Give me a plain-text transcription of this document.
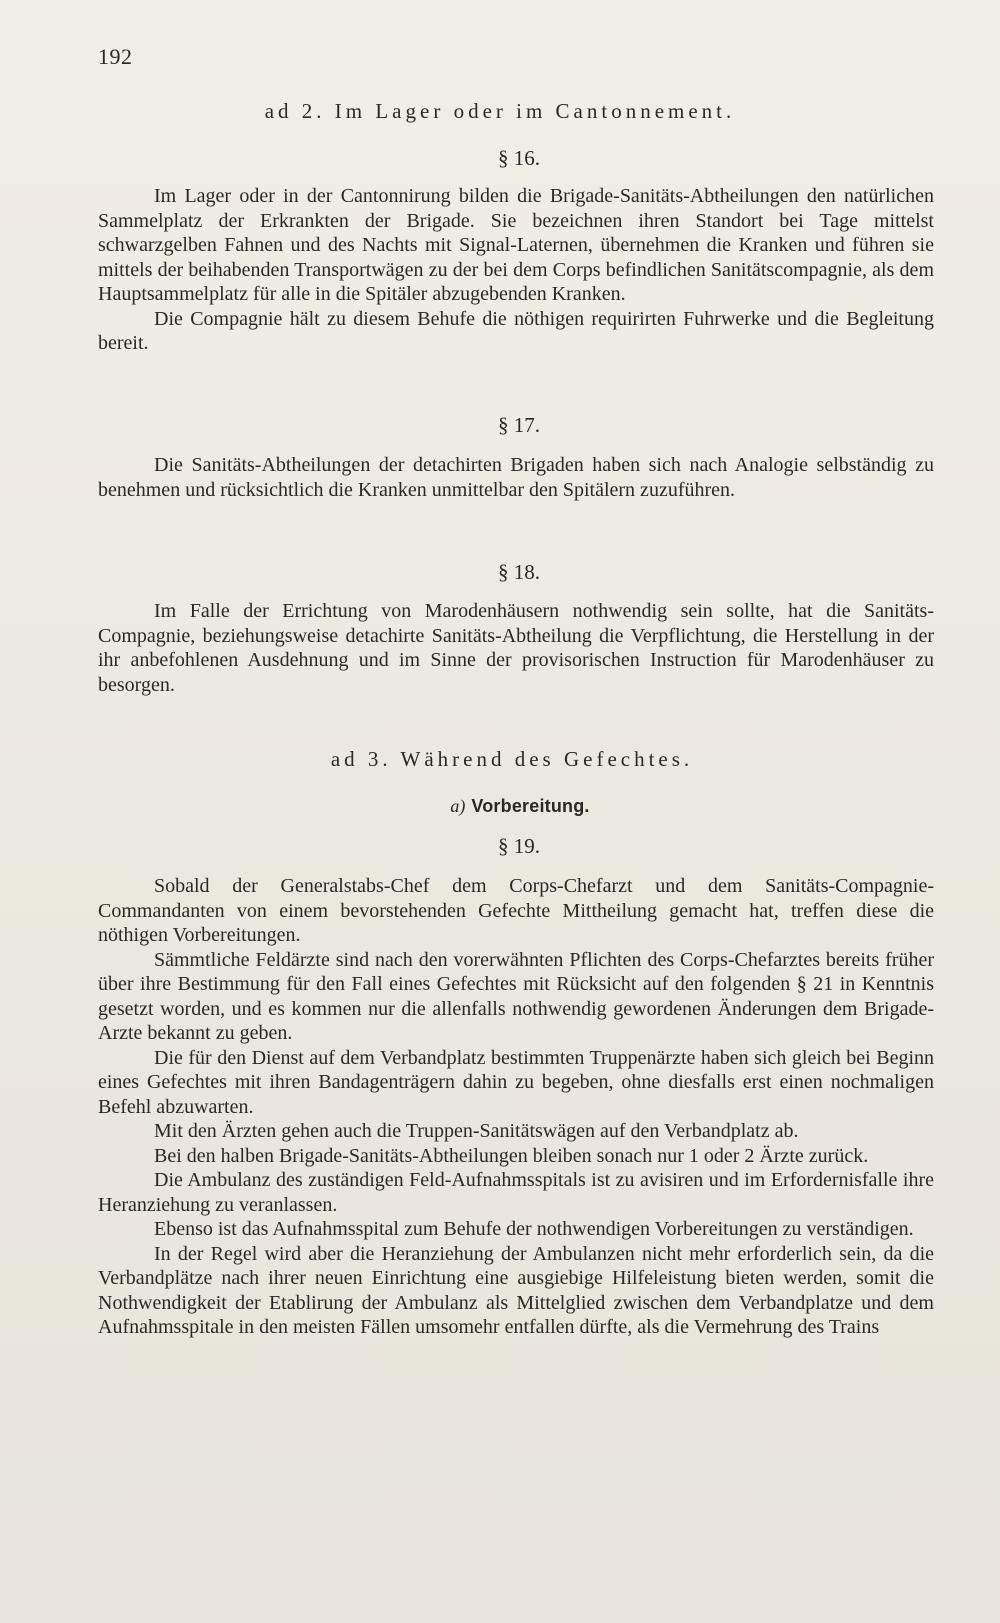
192
ad 2. Im Lager oder im Cantonnement.
§ 16.

Im Lager oder in der Cantonnirung bilden die Brigade-Sanitäts-Abtheilungen den natürlichen Sammelplatz der Erkrankten der Brigade. Sie bezeichnen ihren Standort bei Tage mittelst schwarzgelben Fahnen und des Nachts mit Signal-Laternen, übernehmen die Kranken und führen sie mittels der beihabenden Transportwägen zu der bei dem Corps befindlichen Sanitätscompagnie, als dem Hauptsammelplatz für alle in die Spitäler abzugebenden Kranken.

Die Compagnie hält zu diesem Behufe die nöthigen requirirten Fuhrwerke und die Begleitung bereit.

§ 17.

Die Sanitäts-Abtheilungen der detachirten Brigaden haben sich nach Analogie selbständig zu benehmen und rücksichtlich die Kranken unmittelbar den Spitälern zuzuführen.

§ 18.

Im Falle der Errichtung von Marodenhäusern nothwendig sein sollte, hat die Sanitäts-Compagnie, beziehungsweise detachirte Sanitäts-Abtheilung die Verpflichtung, die Herstellung in der ihr anbefohlenen Ausdehnung und im Sinne der provisorischen Instruction für Marodenhäuser zu besorgen.

ad 3. Während des Gefechtes.
a) Vorbereitung.
§ 19.

Sobald der Generalstabs-Chef dem Corps-Chefarzt und dem Sanitäts-Compagnie-Commandanten von einem bevorstehenden Gefechte Mittheilung gemacht hat, treffen diese die nöthigen Vorbereitungen.

Sämmtliche Feldärzte sind nach den vorerwähnten Pflichten des Corps-Chefarztes bereits früher über ihre Bestimmung für den Fall eines Gefechtes mit Rücksicht auf den folgenden § 21 in Kenntnis gesetzt worden, und es kommen nur die allenfalls nothwendig gewordenen Änderungen dem Brigade-Arzte bekannt zu geben.

Die für den Dienst auf dem Verbandplatz bestimmten Truppenärzte haben sich gleich bei Beginn eines Gefechtes mit ihren Bandagenträgern dahin zu begeben, ohne diesfalls erst einen nochmaligen Befehl abzuwarten.

Mit den Ärzten gehen auch die Truppen-Sanitätswägen auf den Verbandplatz ab.

Bei den halben Brigade-Sanitäts-Abtheilungen bleiben sonach nur 1 oder 2 Ärzte zurück.

Die Ambulanz des zuständigen Feld-Aufnahmsspitals ist zu avisiren und im Erfordernisfalle ihre Heranziehung zu veranlassen.

Ebenso ist das Aufnahmsspital zum Behufe der nothwendigen Vorbereitungen zu verständigen.

In der Regel wird aber die Heranziehung der Ambulanzen nicht mehr erforderlich sein, da die Verbandplätze nach ihrer neuen Einrichtung eine ausgiebige Hilfeleistung bieten werden, somit die Nothwendigkeit der Etablirung der Ambulanz als Mittelglied zwischen dem Verbandplatze und dem Aufnahmsspitale in den meisten Fällen umsomehr entfallen dürfte, als die Vermehrung des Trains
